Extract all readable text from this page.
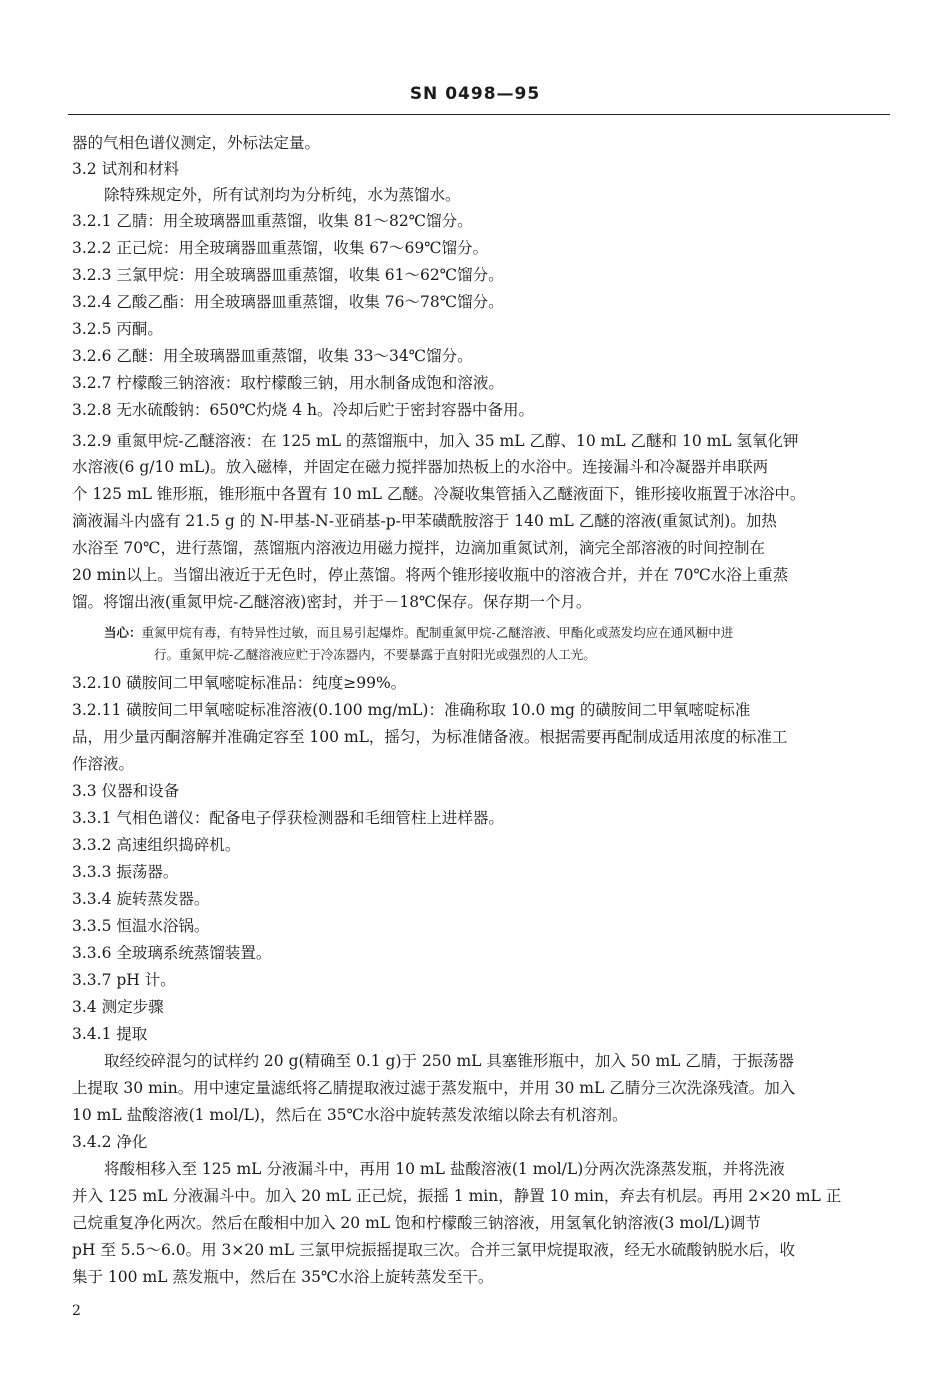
SN 0498—95
器的气相色谱仪测定，外标法定量。
3.2 试剂和材料
除特殊规定外，所有试剂均为分析纯，水为蒸馏水。
3.2.1 乙腈：用全玻璃器皿重蒸馏，收集 81～82℃馏分。
3.2.2 正己烷：用全玻璃器皿重蒸馏，收集 67～69℃馏分。
3.2.3 三氯甲烷：用全玻璃器皿重蒸馏，收集 61～62℃馏分。
3.2.4 乙酸乙酯：用全玻璃器皿重蒸馏，收集 76～78℃馏分。
3.2.5 丙酮。
3.2.6 乙醚：用全玻璃器皿重蒸馏，收集 33～34℃馏分。
3.2.7 柠檬酸三钠溶液：取柠檬酸三钠，用水制备成饱和溶液。
3.2.8 无水硫酸钠：650℃灼烧 4 h。冷却后贮于密封容器中备用。
3.2.9 重氮甲烷-乙醚溶液：在 125 mL 的蒸馏瓶中，加入 35 mL 乙醇、10 mL 乙醚和 10 mL 氢氧化钾
水溶液(6 g/10 mL)。放入磁棒，并固定在磁力搅拌器加热板上的水浴中。连接漏斗和冷凝器并串联两
个 125 mL 锥形瓶，锥形瓶中各置有 10 mL 乙醚。冷凝收集管插入乙醚液面下，锥形接收瓶置于冰浴中。
滴液漏斗内盛有 21.5 g 的 N-甲基-N-亚硝基-p-甲苯磺酰胺溶于 140 mL 乙醚的溶液(重氮试剂)。加热
水浴至 70℃，进行蒸馏，蒸馏瓶内溶液边用磁力搅拌，边滴加重氮试剂，滴完全部溶液的时间控制在
20 min以上。当馏出液近于无色时，停止蒸馏。将两个锥形接收瓶中的溶液合并，并在 70℃水浴上重蒸
馏。将馏出液(重氮甲烷-乙醚溶液)密封，并于－18℃保存。保存期一个月。
当心：重氮甲烷有毒，有特异性过敏，而且易引起爆炸。配制重氮甲烷-乙醚溶液、甲酯化或蒸发均应在通风橱中进
行。重氮甲烷-乙醚溶液应贮于冷冻器内，不要暴露于直射阳光或强烈的人工光。
3.2.10 磺胺间二甲氧嘧啶标准品：纯度≥99%。
3.2.11 磺胺间二甲氧嘧啶标准溶液(0.100 mg/mL)：准确称取 10.0 mg 的磺胺间二甲氧嘧啶标准
品，用少量丙酮溶解并准确定容至 100 mL，摇匀，为标准储备液。根据需要再配制成适用浓度的标准工
作溶液。
3.3 仪器和设备
3.3.1 气相色谱仪：配备电子俘获检测器和毛细管柱上进样器。
3.3.2 高速组织捣碎机。
3.3.3 振荡器。
3.3.4 旋转蒸发器。
3.3.5 恒温水浴锅。
3.3.6 全玻璃系统蒸馏装置。
3.3.7 pH 计。
3.4 测定步骤
3.4.1 提取
取经绞碎混匀的试样约 20 g(精确至 0.1 g)于 250 mL 具塞锥形瓶中，加入 50 mL 乙腈，于振荡器
上提取 30 min。用中速定量滤纸将乙腈提取液过滤于蒸发瓶中，并用 30 mL 乙腈分三次洗涤残渣。加入
10 mL 盐酸溶液(1 mol/L)，然后在 35℃水浴中旋转蒸发浓缩以除去有机溶剂。
3.4.2 净化
将酸相移入至 125 mL 分液漏斗中，再用 10 mL 盐酸溶液(1 mol/L)分两次洗涤蒸发瓶，并将洗液
并入 125 mL 分液漏斗中。加入 20 mL 正己烷，振摇 1 min，静置 10 min，弃去有机层。再用 2×20 mL 正
己烷重复净化两次。然后在酸相中加入 20 mL 饱和柠檬酸三钠溶液，用氢氧化钠溶液(3 mol/L)调节
pH 至 5.5～6.0。用 3×20 mL 三氯甲烷振摇提取三次。合并三氯甲烷提取液，经无水硫酸钠脱水后，收
集于 100 mL 蒸发瓶中，然后在 35℃水浴上旋转蒸发至干。
2
